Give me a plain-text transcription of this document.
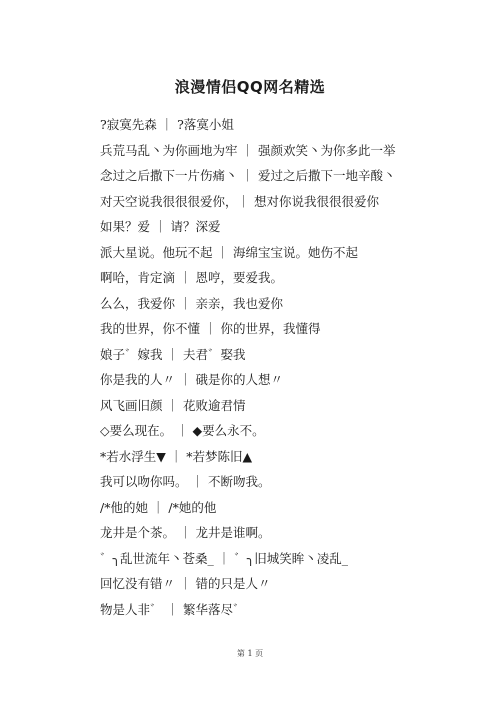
浪漫情侣QQ网名精选
?寂寞先森 ｜ ?落寞小姐
兵荒马乱丶为你画地为牢 ｜ 强颜欢笑丶为你多此一举
念过之后撒下一片伤痛丶 ｜ 爱过之后撒下一地辛酸丶
对天空说我很很很爱你，｜ 想对你说我很很很爱你
如果？爱 ｜ 请？深爱
派大星说。他玩不起 ｜ 海绵宝宝说。她伤不起
啊哈，肯定滴 ｜ 恩哼，要爱我。
么么，我爱你 ｜ 亲亲，我也爱你
我的世界，你不懂 ｜ 你的世界，我懂得
娘子゛嫁我 ｜ 夫君゛娶我
你是我的人〃 ｜ 硪是你的人想〃
风飞画旧颜 ｜ 花败逾君情
◇要么现在。 ｜ ◆要么永不。
*若水浮生▼ ｜ *若梦陈旧▲
我可以吻你吗。 ｜ 不断吻我。
/*他的她 ｜ /*她的他
龙井是个茶。 ｜ 龙井是谁啊。
゛╮乱世流年丶苍桑_ ｜ ゛╮旧城笑眸丶凌乱_
回忆没有错〃 ｜ 错的只是人〃
物是人非゛ ｜ 繁华落尽゛
第 1 页
